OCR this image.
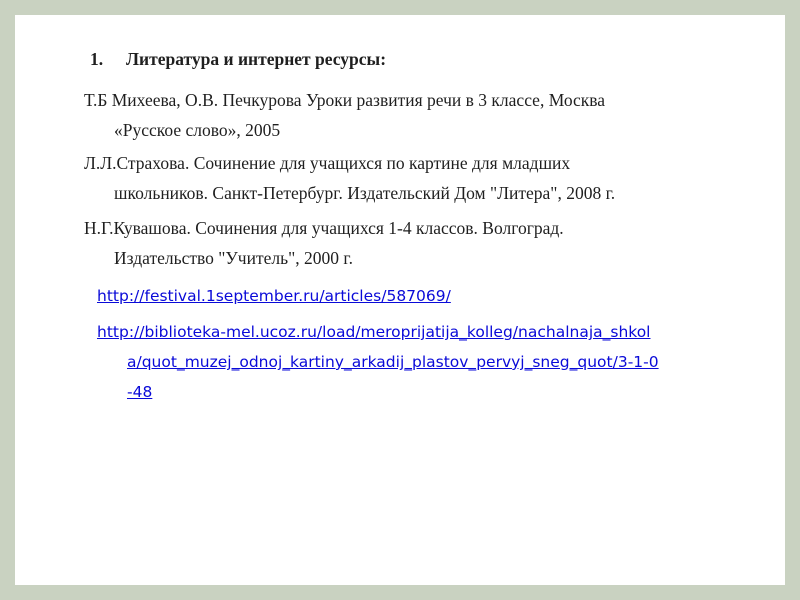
1. Литература и интернет ресурсы:
Т.Б Михеева, О.В. Печкурова Уроки развития речи в 3 классе, Москва
«Русское слово», 2005
Л.Л.Страхова. Сочинение для учащихся по картине для младших
школьников. Санкт-Петербург. Издательский Дом "Литера", 2008 г.
Н.Г.Кувашова. Сочинения для учащихся 1-4 классов. Волгоград.
Издательство "Учитель", 2000 г.
http://festival.1september.ru/articles/587069/
http://biblioteka-mel.ucoz.ru/load/meroprijatija_kolleg/nachalnaja_shkol
a/quot_muzej_odnoj_kartiny_arkadij_plastov_pervyj_sneg_quot/3-1-0
-48
